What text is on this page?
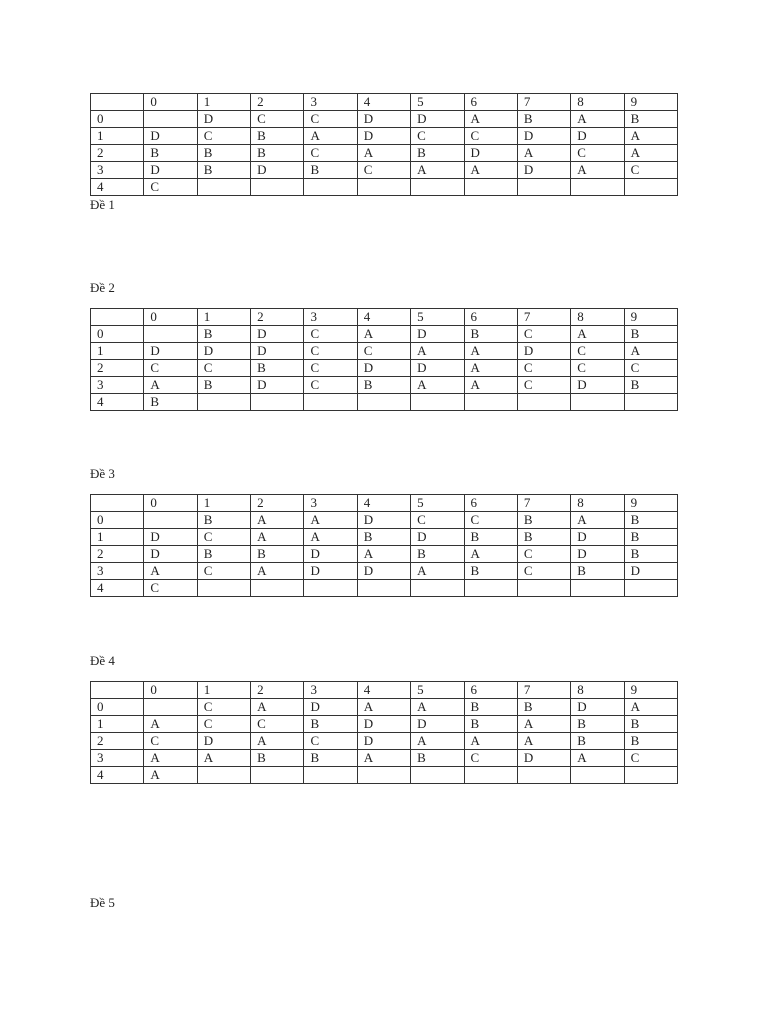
	0	1	2	3	4	5	6	7	8	9
0		D	C	C	D	D	A	B	A	B
1	D	C	B	A	D	C	C	D	D	A
2	B	B	B	C	A	B	D	A	C	A
3	D	B	D	B	C	A	A	D	A	C
4	C									
Đề 1
Đề 2
	0	1	2	3	4	5	6	7	8	9
0		B	D	C	A	D	B	C	A	B
1	D	D	D	C	C	A	A	D	C	A
2	C	C	B	C	D	D	A	C	C	C
3	A	B	D	C	B	A	A	C	D	B
4	B									
Đề 3
	0	1	2	3	4	5	6	7	8	9
0		B	A	A	D	C	C	B	A	B
1	D	C	A	A	B	D	B	B	D	B
2	D	B	B	D	A	B	A	C	D	B
3	A	C	A	D	D	A	B	C	B	D
4	C									
Đề 4
	0	1	2	3	4	5	6	7	8	9
0		C	A	D	A	A	B	B	D	A
1	A	C	C	B	D	D	B	A	B	B
2	C	D	A	C	D	A	A	A	B	B
3	A	A	B	B	A	B	C	D	A	C
4	A									
Đề 5
